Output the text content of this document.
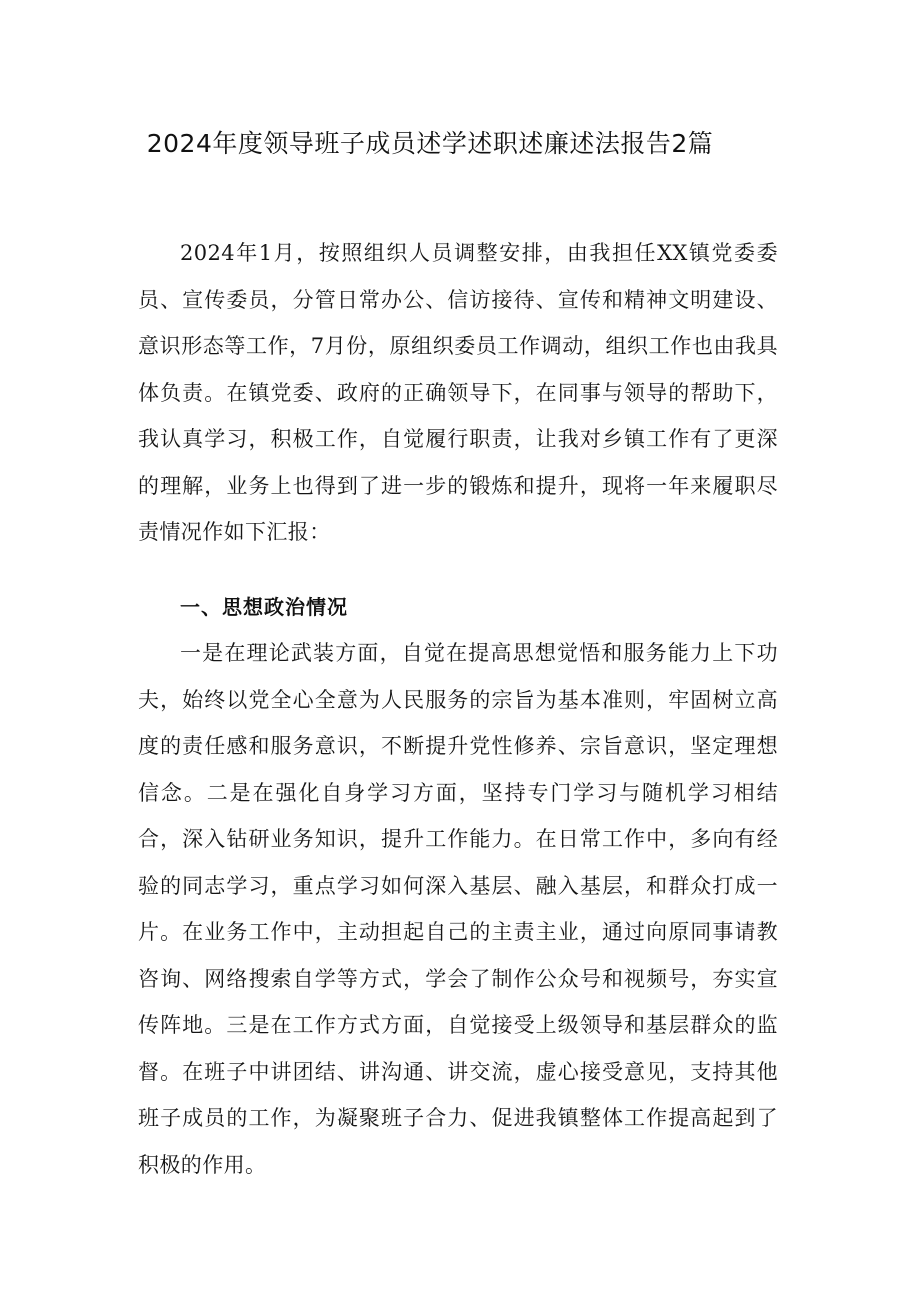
2024年度领导班子成员述学述职述廉述法报告2篇

2024年1月，按照组织人员调整安排，由我担任XX镇党委委员、宣传委员，分管日常办公、信访接待、宣传和精神文明建设、意识形态等工作，7月份，原组织委员工作调动，组织工作也由我具体负责。在镇党委、政府的正确领导下，在同事与领导的帮助下，我认真学习，积极工作，自觉履行职责，让我对乡镇工作有了更深的理解，业务上也得到了进一步的锻炼和提升，现将一年来履职尽责情况作如下汇报：

一、思想政治情况

一是在理论武装方面，自觉在提高思想觉悟和服务能力上下功夫，始终以党全心全意为人民服务的宗旨为基本准则，牢固树立高度的责任感和服务意识，不断提升党性修养、宗旨意识，坚定理想信念。二是在强化自身学习方面，坚持专门学习与随机学习相结合，深入钻研业务知识，提升工作能力。在日常工作中，多向有经验的同志学习，重点学习如何深入基层、融入基层，和群众打成一片。在业务工作中，主动担起自己的主责主业，通过向原同事请教咨询、网络搜索自学等方式，学会了制作公众号和视频号，夯实宣传阵地。三是在工作方式方面，自觉接受上级领导和基层群众的监督。在班子中讲团结、讲沟通、讲交流，虚心接受意见，支持其他班子成员的工作，为凝聚班子合力、促进我镇整体工作提高起到了积极的作用。
